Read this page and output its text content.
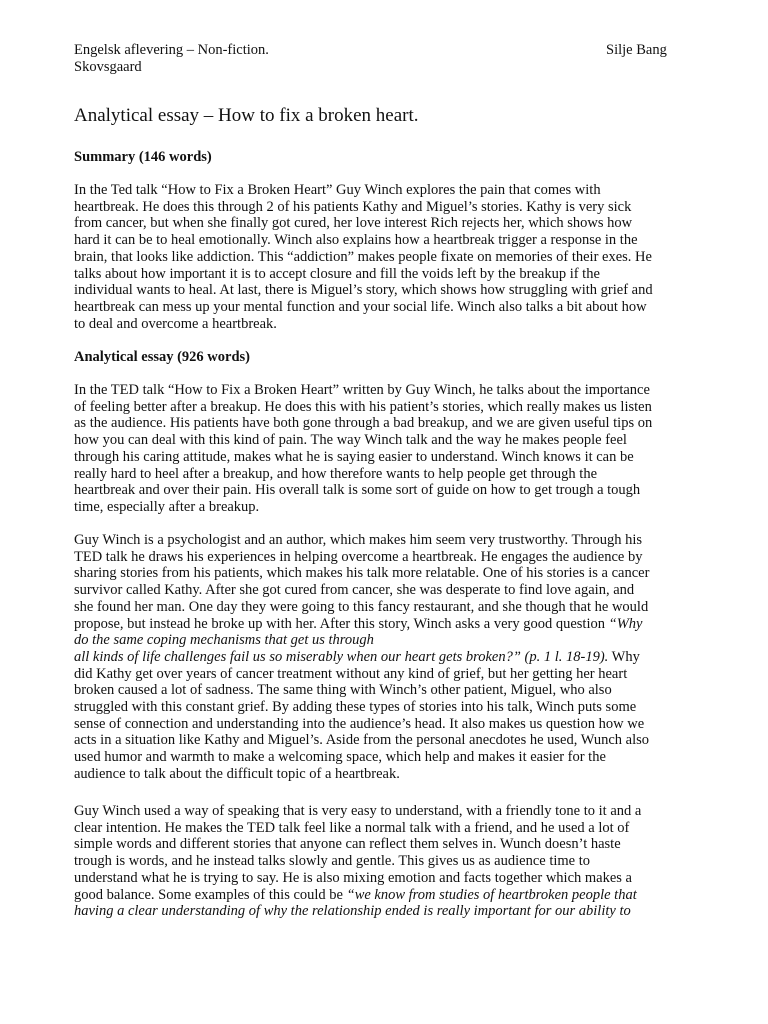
Engelsk aflevering – Non-fiction.	Silje Bang
Skovsgaard
Analytical essay – How to fix a broken heart.
Summary (146 words)
In the Ted talk “How to Fix a Broken Heart” Guy Winch explores the pain that comes with
heartbreak. He does this through 2 of his patients Kathy and Miguel’s stories. Kathy is very sick
from cancer, but when she finally got cured, her love interest Rich rejects her, which shows how
hard it can be to heal emotionally. Winch also explains how a heartbreak trigger a response in the
brain, that looks like addiction. This “addiction” makes people fixate on memories of their exes. He
talks about how important it is to accept closure and fill the voids left by the breakup if the
individual wants to heal. At last, there is Miguel’s story, which shows how struggling with grief and
heartbreak can mess up your mental function and your social life. Winch also talks a bit about how
to deal and overcome a heartbreak.
Analytical essay (926 words)
In the TED talk “How to Fix a Broken Heart” written by Guy Winch, he talks about the importance
of feeling better after a breakup. He does this with his patient’s stories, which really makes us listen
as the audience. His patients have both gone through a bad breakup, and we are given useful tips on
how you can deal with this kind of pain. The way Winch talk and the way he makes people feel
through his caring attitude, makes what he is saying easier to understand. Winch knows it can be
really hard to heel after a breakup, and how therefore wants to help people get through the
heartbreak and over their pain. His overall talk is some sort of guide on how to get trough a tough
time, especially after a breakup.
Guy Winch is a psychologist and an author, which makes him seem very trustworthy. Through his
TED talk he draws his experiences in helping overcome a heartbreak. He engages the audience by
sharing stories from his patients, which makes his talk more relatable. One of his stories is a cancer
survivor called Kathy. After she got cured from cancer, she was desperate to find love again, and
she found her man. One day they were going to this fancy restaurant, and she though that he would
propose, but instead he broke up with her. After this story, Winch asks a very good question “Why
do the same coping mechanisms that get us through
all kinds of life challenges fail us so miserably when our heart gets broken?” (p. 1 l. 18-19). Why
did Kathy get over years of cancer treatment without any kind of grief, but her getting her heart
broken caused a lot of sadness. The same thing with Winch’s other patient, Miguel, who also
struggled with this constant grief. By adding these types of stories into his talk, Winch puts some
sense of connection and understanding into the audience’s head. It also makes us question how we
acts in a situation like Kathy and Miguel’s. Aside from the personal anecdotes he used, Wunch also
used humor and warmth to make a welcoming space, which help and makes it easier for the
audience to talk about the difficult topic of a heartbreak.
Guy Winch used a way of speaking that is very easy to understand, with a friendly tone to it and a
clear intention. He makes the TED talk feel like a normal talk with a friend, and he used a lot of
simple words and different stories that anyone can reflect them selves in. Wunch doesn’t haste
trough is words, and he instead talks slowly and gentle. This gives us as audience time to
understand what he is trying to say. He is also mixing emotion and facts together which makes a
good balance. Some examples of this could be “we know from studies of heartbroken people that
having a clear understanding of why the relationship ended is really important for our ability to
